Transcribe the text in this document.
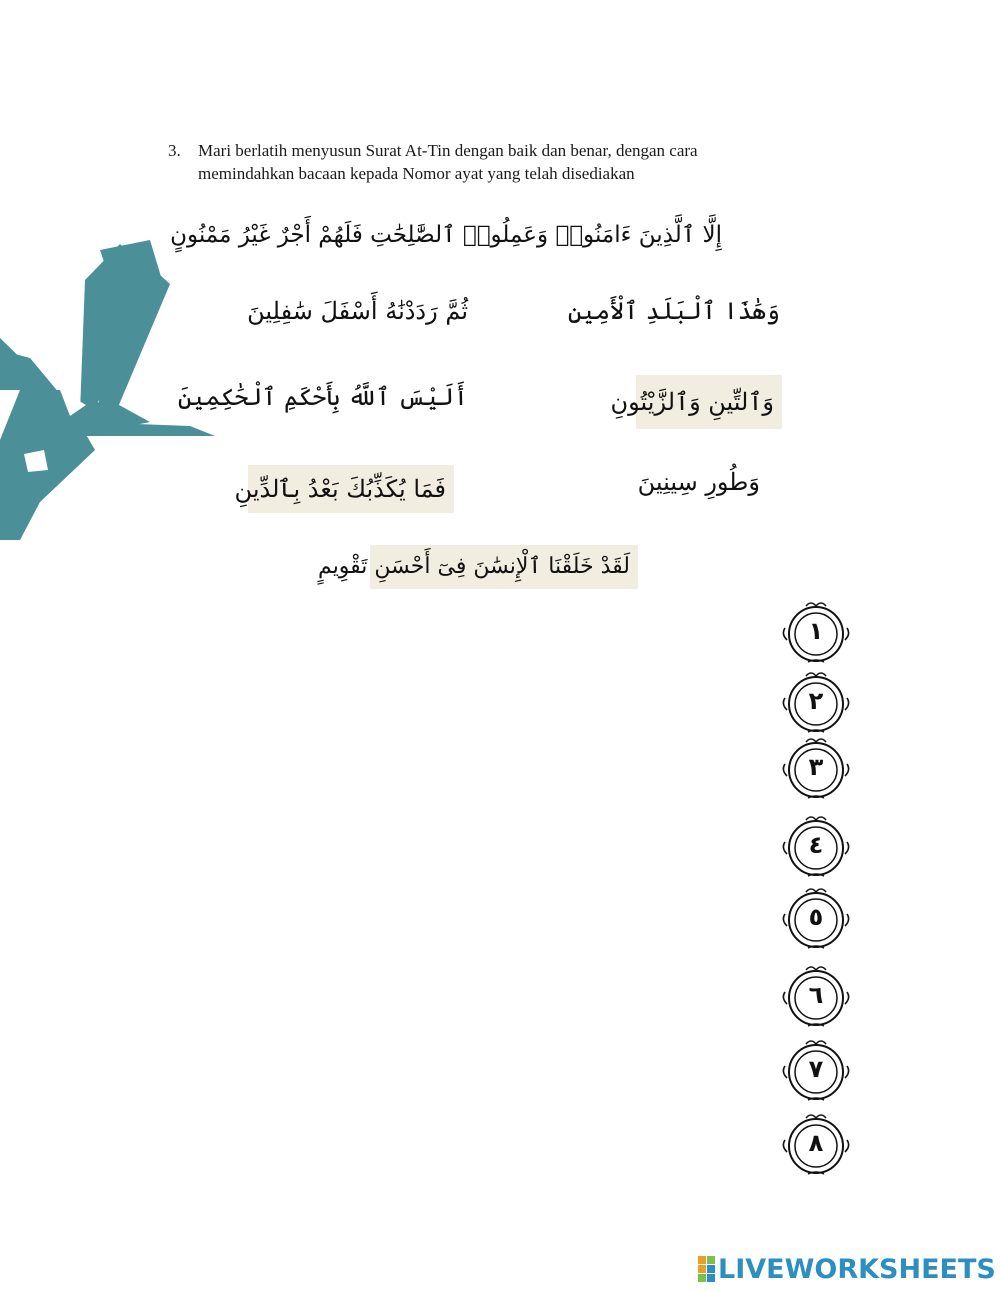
3. Mari berlatih menyusun Surat At-Tin dengan baik dan benar, dengan cara memindahkan bacaan kepada Nomor ayat yang telah disediakan
إِلَّا ٱلَّذِينَ ءَامَنُوا۟ وَعَمِلُوا۟ ٱلصَّٰلِحَٰتِ فَلَهُمْ أَجْرٌ غَيْرُ مَمْنُونٍ
ثُمَّ رَدَدْنَٰهُ أَسْفَلَ سَٰفِلِينَ	وَهَٰذَا ٱلْبَلَدِ ٱلْأَمِينِ
أَلَيْسَ ٱللَّهُ بِأَحْكَمِ ٱلْحَٰكِمِينَ	وَٱلتِّينِ وَٱلزَّيْتُونِ
فَمَا يُكَذِّبُكَ بَعْدُ بِٱلدِّينِ	وَطُورِ سِينِينَ
لَقَدْ خَلَقْنَا ٱلْإِنسَٰنَ فِىٓ أَحْسَنِ تَقْوِيمٍ
١
٢
٣
٤
٥
٦
٧
٨
LIVEWORKSHEETS
